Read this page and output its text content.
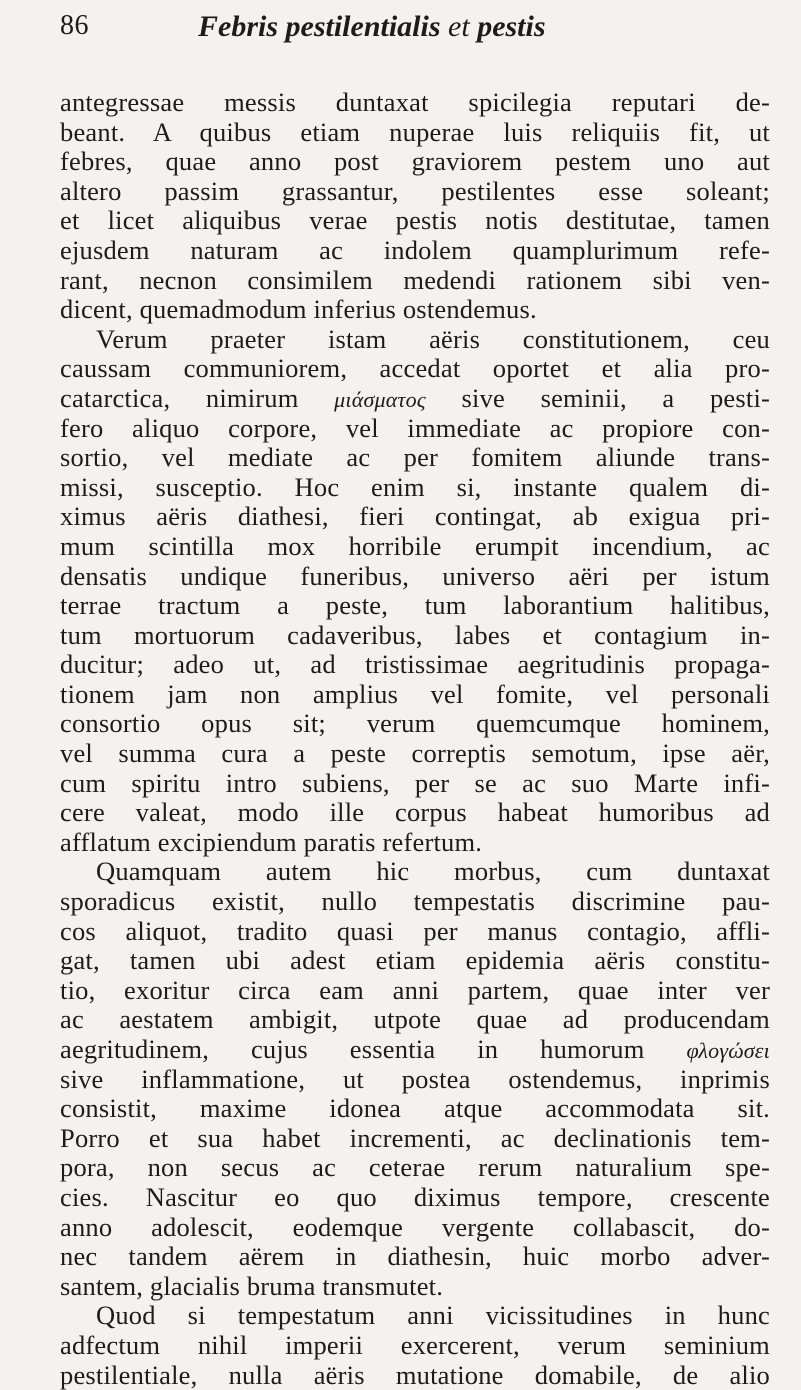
86	Febris pestilentialis et pestis
antegressae messis duntaxat spicilegia reputari de-
beant. A quibus etiam nuperae luis reliquiis fit, ut
febres, quae anno post graviorem pestem uno aut
altero passim grassantur, pestilentes esse soleant;
et licet aliquibus verae pestis notis destitutae, tamen
ejusdem naturam ac indolem quamplurimum refe-
rant, necnon consimilem medendi rationem sibi ven-
dicent, quemadmodum inferius ostendemus.
Verum praeter istam aëris constitutionem, ceu
caussam communiorem, accedat oportet et alia pro-
catarctica, nimirum μιάσματος sive seminii, a pesti-
fero aliquo corpore, vel immediate ac propiore con-
sortio, vel mediate ac per fomitem aliunde trans-
missi, susceptio. Hoc enim si, instante qualem di-
ximus aëris diathesi, fieri contingat, ab exigua pri-
mum scintilla mox horribile erumpit incendium, ac
densatis undique funeribus, universo aëri per istum
terrae tractum a peste, tum laborantium halitibus,
tum mortuorum cadaveribus, labes et contagium in-
ducitur; adeo ut, ad tristissimae aegritudinis propaga-
tionem jam non amplius vel fomite, vel personali
consortio opus sit; verum quemcumque hominem,
vel summa cura a peste correptis semotum, ipse aër,
cum spiritu intro subiens, per se ac suo Marte infi-
cere valeat, modo ille corpus habeat humoribus ad
afflatum excipiendum paratis refertum.
Quamquam autem hic morbus, cum duntaxat
sporadicus existit, nullo tempestatis discrimine pau-
cos aliquot, tradito quasi per manus contagio, affli-
gat, tamen ubi adest etiam epidemia aëris constitu-
tio, exoritur circa eam anni partem, quae inter ver
ac aestatem ambigit, utpote quae ad producendam
aegritudinem, cujus essentia in humorum φλογώσει
sive inflammatione, ut postea ostendemus, inprimis
consistit, maxime idonea atque accommodata sit.
Porro et sua habet incrementi, ac declinationis tem-
pora, non secus ac ceterae rerum naturalium spe-
cies. Nascitur eo quo diximus tempore, crescente
anno adolescit, eodemque vergente collabascit, do-
nec tandem aërem in diathesin, huic morbo adver-
santem, glacialis bruma transmutet.
Quod si tempestatum anni vicissitudines in hunc
adfectum nihil imperii exercerent, verum seminium
pestilentiale, nulla aëris mutatione domabile, de alio
